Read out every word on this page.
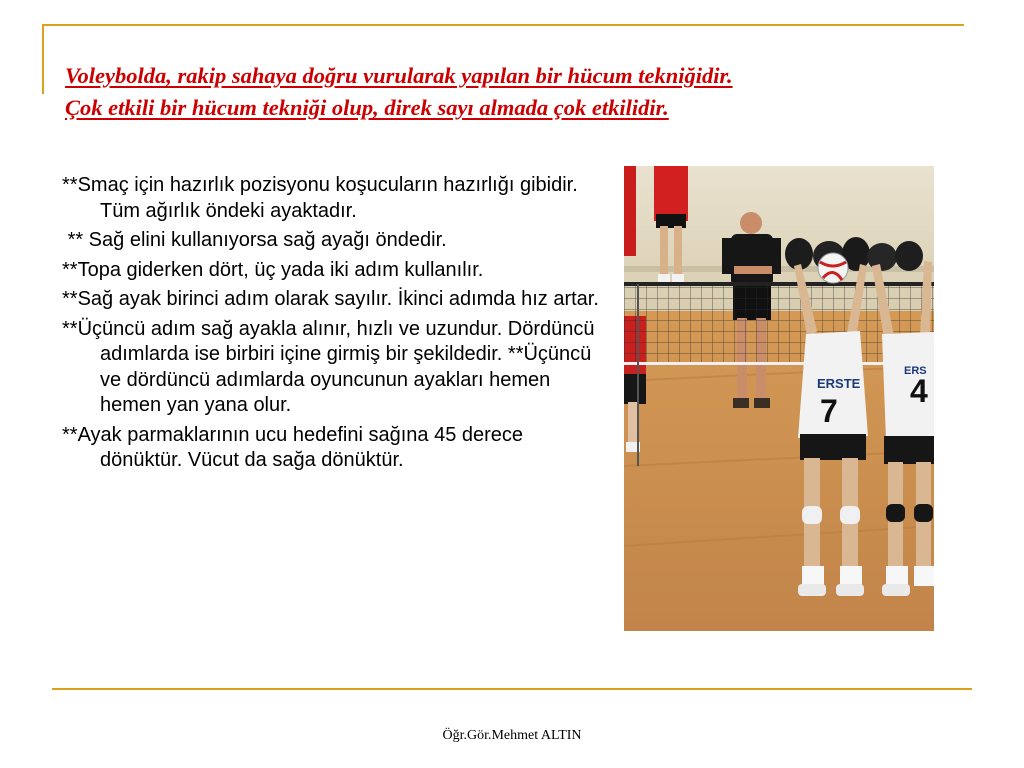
Voleybolda, rakip sahaya doğru vurularak yapılan bir hücum tekniğidir.
Çok etkili bir hücum tekniği olup, direk sayı almada çok etkilidir.

**Smaç için hazırlık pozisyonu koşucuların hazırlığı gibidir. Tüm ağırlık öndeki ayaktadır.

** Sağ elini kullanıyorsa sağ ayağı öndedir.

**Topa giderken dört, üç yada iki adım kullanılır.

**Sağ ayak birinci adım olarak sayılır. İkinci adımda hız artar.

**Üçüncü adım sağ ayakla alınır, hızlı ve uzundur. Dördüncü adımlarda ise birbiri içine girmiş bir şekildedir. **Üçüncü ve dördüncü adımlarda oyuncunun ayakları hemen hemen yan yana olur.

**Ayak parmaklarının ucu hedefini sağına 45 derece dönüktür. Vücut da sağa dönüktür.

ERSTE
7
ERS
4
Öğr.Gör.Mehmet ALTIN
